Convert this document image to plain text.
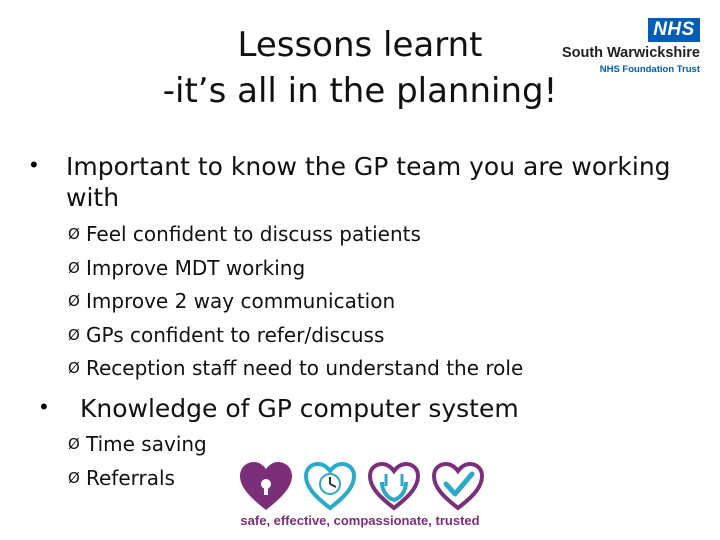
Lessons learnt
-it’s all in the planning!
NHS
South Warwickshire
NHS Foundation Trust
• Important to know the GP team you are working
with
Ø Feel confident to discuss patients
Ø Improve MDT working
Ø Improve 2 way communication
Ø GPs confident to refer/discuss
Ø Reception staff need to understand the role
• Knowledge of GP computer system
Ø Time saving
Ø Referrals
safe, effective, compassionate, trusted
